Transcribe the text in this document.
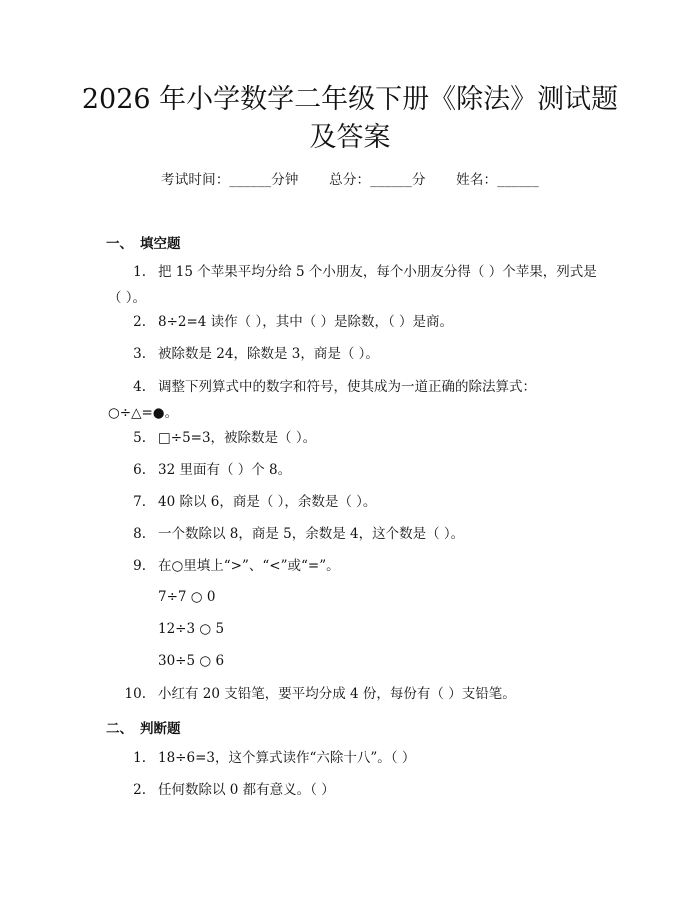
2026 年小学数学二年级下册《除法》测试题
及答案
考试时间：______分钟 总分：______分 姓名：______
一、 填空题
1. 把 15 个苹果平均分给 5 个小朋友，每个小朋友分得（ ）个苹果，列式是（ ）。
2. 8÷2=4 读作（ ），其中（ ）是除数，（ ）是商。
3. 被除数是 24，除数是 3，商是（ ）。
4. 调整下列算式中的数字和符号，使其成为一道正确的除法算式：○÷△=●。
5. □÷5=3，被除数是（ ）。
6. 32 里面有（ ）个 8。
7. 40 除以 6，商是（ ），余数是（ ）。
8. 一个数除以 8，商是 5，余数是 4，这个数是（ ）。
9. 在○里填上“>”、“<”或“=”。
7÷7 ○ 0
12÷3 ○ 5
30÷5 ○ 6
10. 小红有 20 支铅笔，要平均分成 4 份，每份有（ ）支铅笔。
二、 判断题
1. 18÷6=3，这个算式读作“六除十八”。（ ）
2. 任何数除以 0 都有意义。（ ）
